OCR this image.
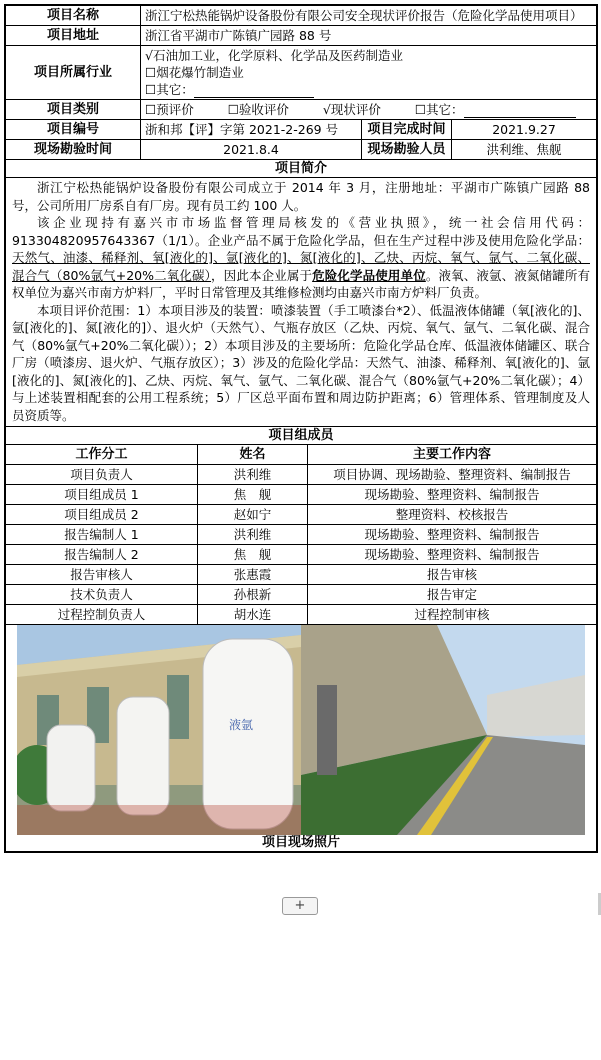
项目名称	浙江宁松热能锅炉设备股份有限公司安全现状评价报告（危险化学品使用项目）		
项目地址	浙江省平湖市广陈镇广园路 88 号		
项目所属行业	√石油加工业，化学原料、化学品及医药制造业
☐烟花爆竹制造业
☐其它：		

项目类别	☐预评价 ☐验收评价 √现状评价 ☐其它：		
项目编号	浙和邦【评】字第 2021-2-269 号	项目完成时间	2021.9.27
现场勘验时间	2021.8.4	现场勘验人员	洪利维、焦舰
项目简介			

浙江宁松热能锅炉设备股份有限公司成立于 2014 年 3 月，注册地址：平湖市广陈镇广园路 88 号，公司所用厂房系自有厂房。现有员工约 100 人。

该企业现持有嘉兴市市场监督管理局核发的《营业执照》，统一社会信用代码：913304820957643367（1/1）。企业产品不属于危险化学品，但在生产过程中涉及使用危险化学品：天然气、油漆、稀释剂、氧[液化的]、氩[液化的]、氮[液化的]、乙炔、丙烷、氧气、氩气、二氧化碳、混合气（80%氩气+20%二氧化碳），因此本企业属于危险化学品使用单位。液氧、液氩、液氮储罐所有权单位为嘉兴市南方炉料厂，平时日常管理及其维修检测均由嘉兴市南方炉料厂负责。

本项目评价范围：1）本项目涉及的装置：喷漆装置（手工喷漆台*2）、低温液体储罐（氧[液化的]、氩[液化的]、氮[液化的]）、退火炉（天然气）、气瓶存放区（乙炔、丙烷、氧气、氩气、二氧化碳、混合气（80%氩气+20%二氧化碳））；2）本项目涉及的主要场所：危险化学品仓库、低温液体储罐区、联合厂房（喷漆房、退火炉、气瓶存放区）；3）涉及的危险化学品：天然气、油漆、稀释剂、氧[液化的]、氩[液化的]、氮[液化的]、乙炔、丙烷、氧气、氩气、二氧化碳、混合气（80%氩气+20%二氧化碳）；4）与上述装置相配套的公用工程系统；5）厂区总平面布置和周边防护距离；6）管理体系、管理制度及人员资质等。			

项目组成员			
工作分工	姓名	主要工作内容
项目负责人	洪利维	项目协调、现场勘验、整理资料、编制报告
项目组成员 1	焦　舰	现场勘验、整理资料、编制报告
项目组成员 2	赵如宁	整理资料、校核报告
报告编制人 1	洪利维	现场勘验、整理资料、编制报告
报告编制人 2	焦　舰	现场勘验、整理资料、编制报告
报告审核人	张惠霞	报告审核
技术负责人	孙根新	报告审定
过程控制负责人	胡水连	过程控制审核

液氩
项目现场照片		
+
